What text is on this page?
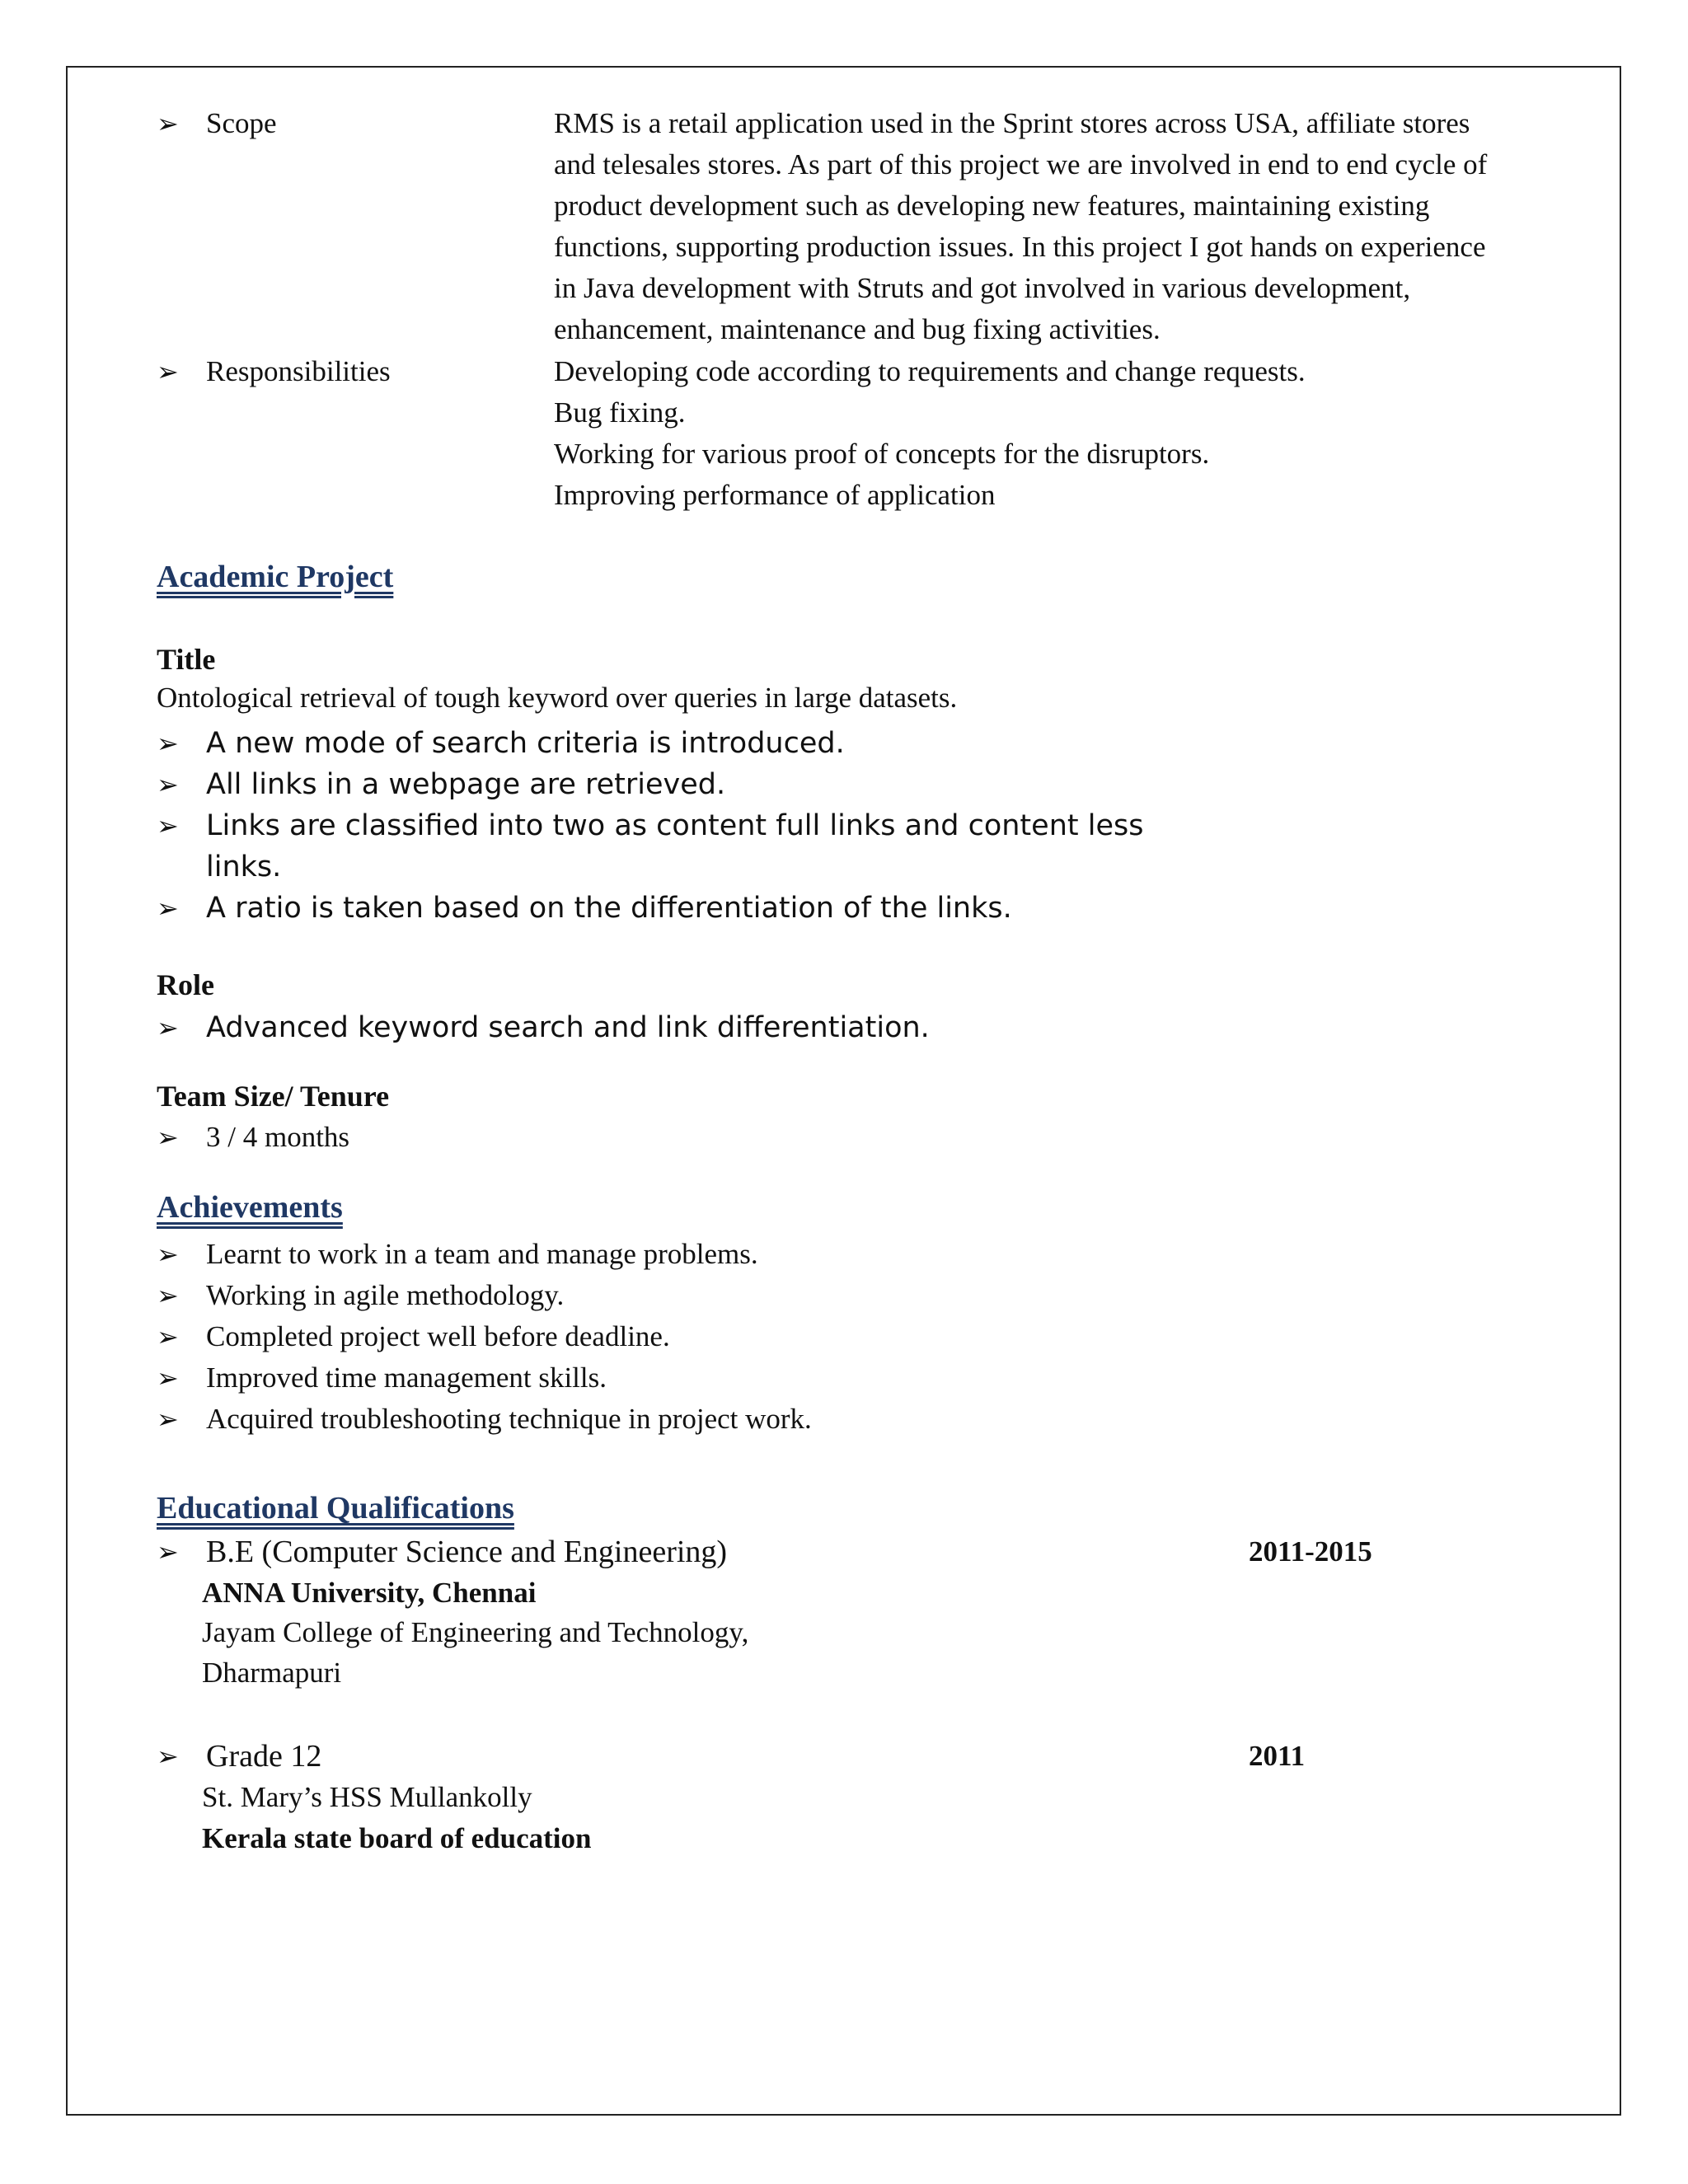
➢ Scope	RMS is a retail application used in the Sprint stores across USA, affiliate stores
and telesales stores. As part of this project we are involved in end to end cycle of
product development such as developing new features, maintaining existing
functions, supporting production issues. In this project I got hands on experience
in Java development with Struts and got involved in various development,
enhancement, maintenance and bug fixing activities.
➢ Responsibilities	Developing code according to requirements and change requests.
Bug fixing.
Working for various proof of concepts for the disruptors.
Improving performance of application
Academic Project
Title
Ontological retrieval of tough keyword over queries in large datasets.
➢ A new mode of search criteria is introduced.
➢ All links in a webpage are retrieved.
➢ Links are classified into two as content full links and content less
links.
➢ A ratio is taken based on the differentiation of the links.
Role
➢ Advanced keyword search and link differentiation.
Team Size/ Tenure
➢ 3 / 4 months
Achievements
➢ Learnt to work in a team and manage problems.
➢ Working in agile methodology.
➢ Completed project well before deadline.
➢ Improved time management skills.
➢ Acquired troubleshooting technique in project work.
Educational Qualifications
➢ B.E (Computer Science and Engineering)	2011-2015
ANNA University, Chennai
Jayam College of Engineering and Technology,
Dharmapuri
➢ Grade 12	2011
St. Mary’s HSS Mullankolly
Kerala state board of education
